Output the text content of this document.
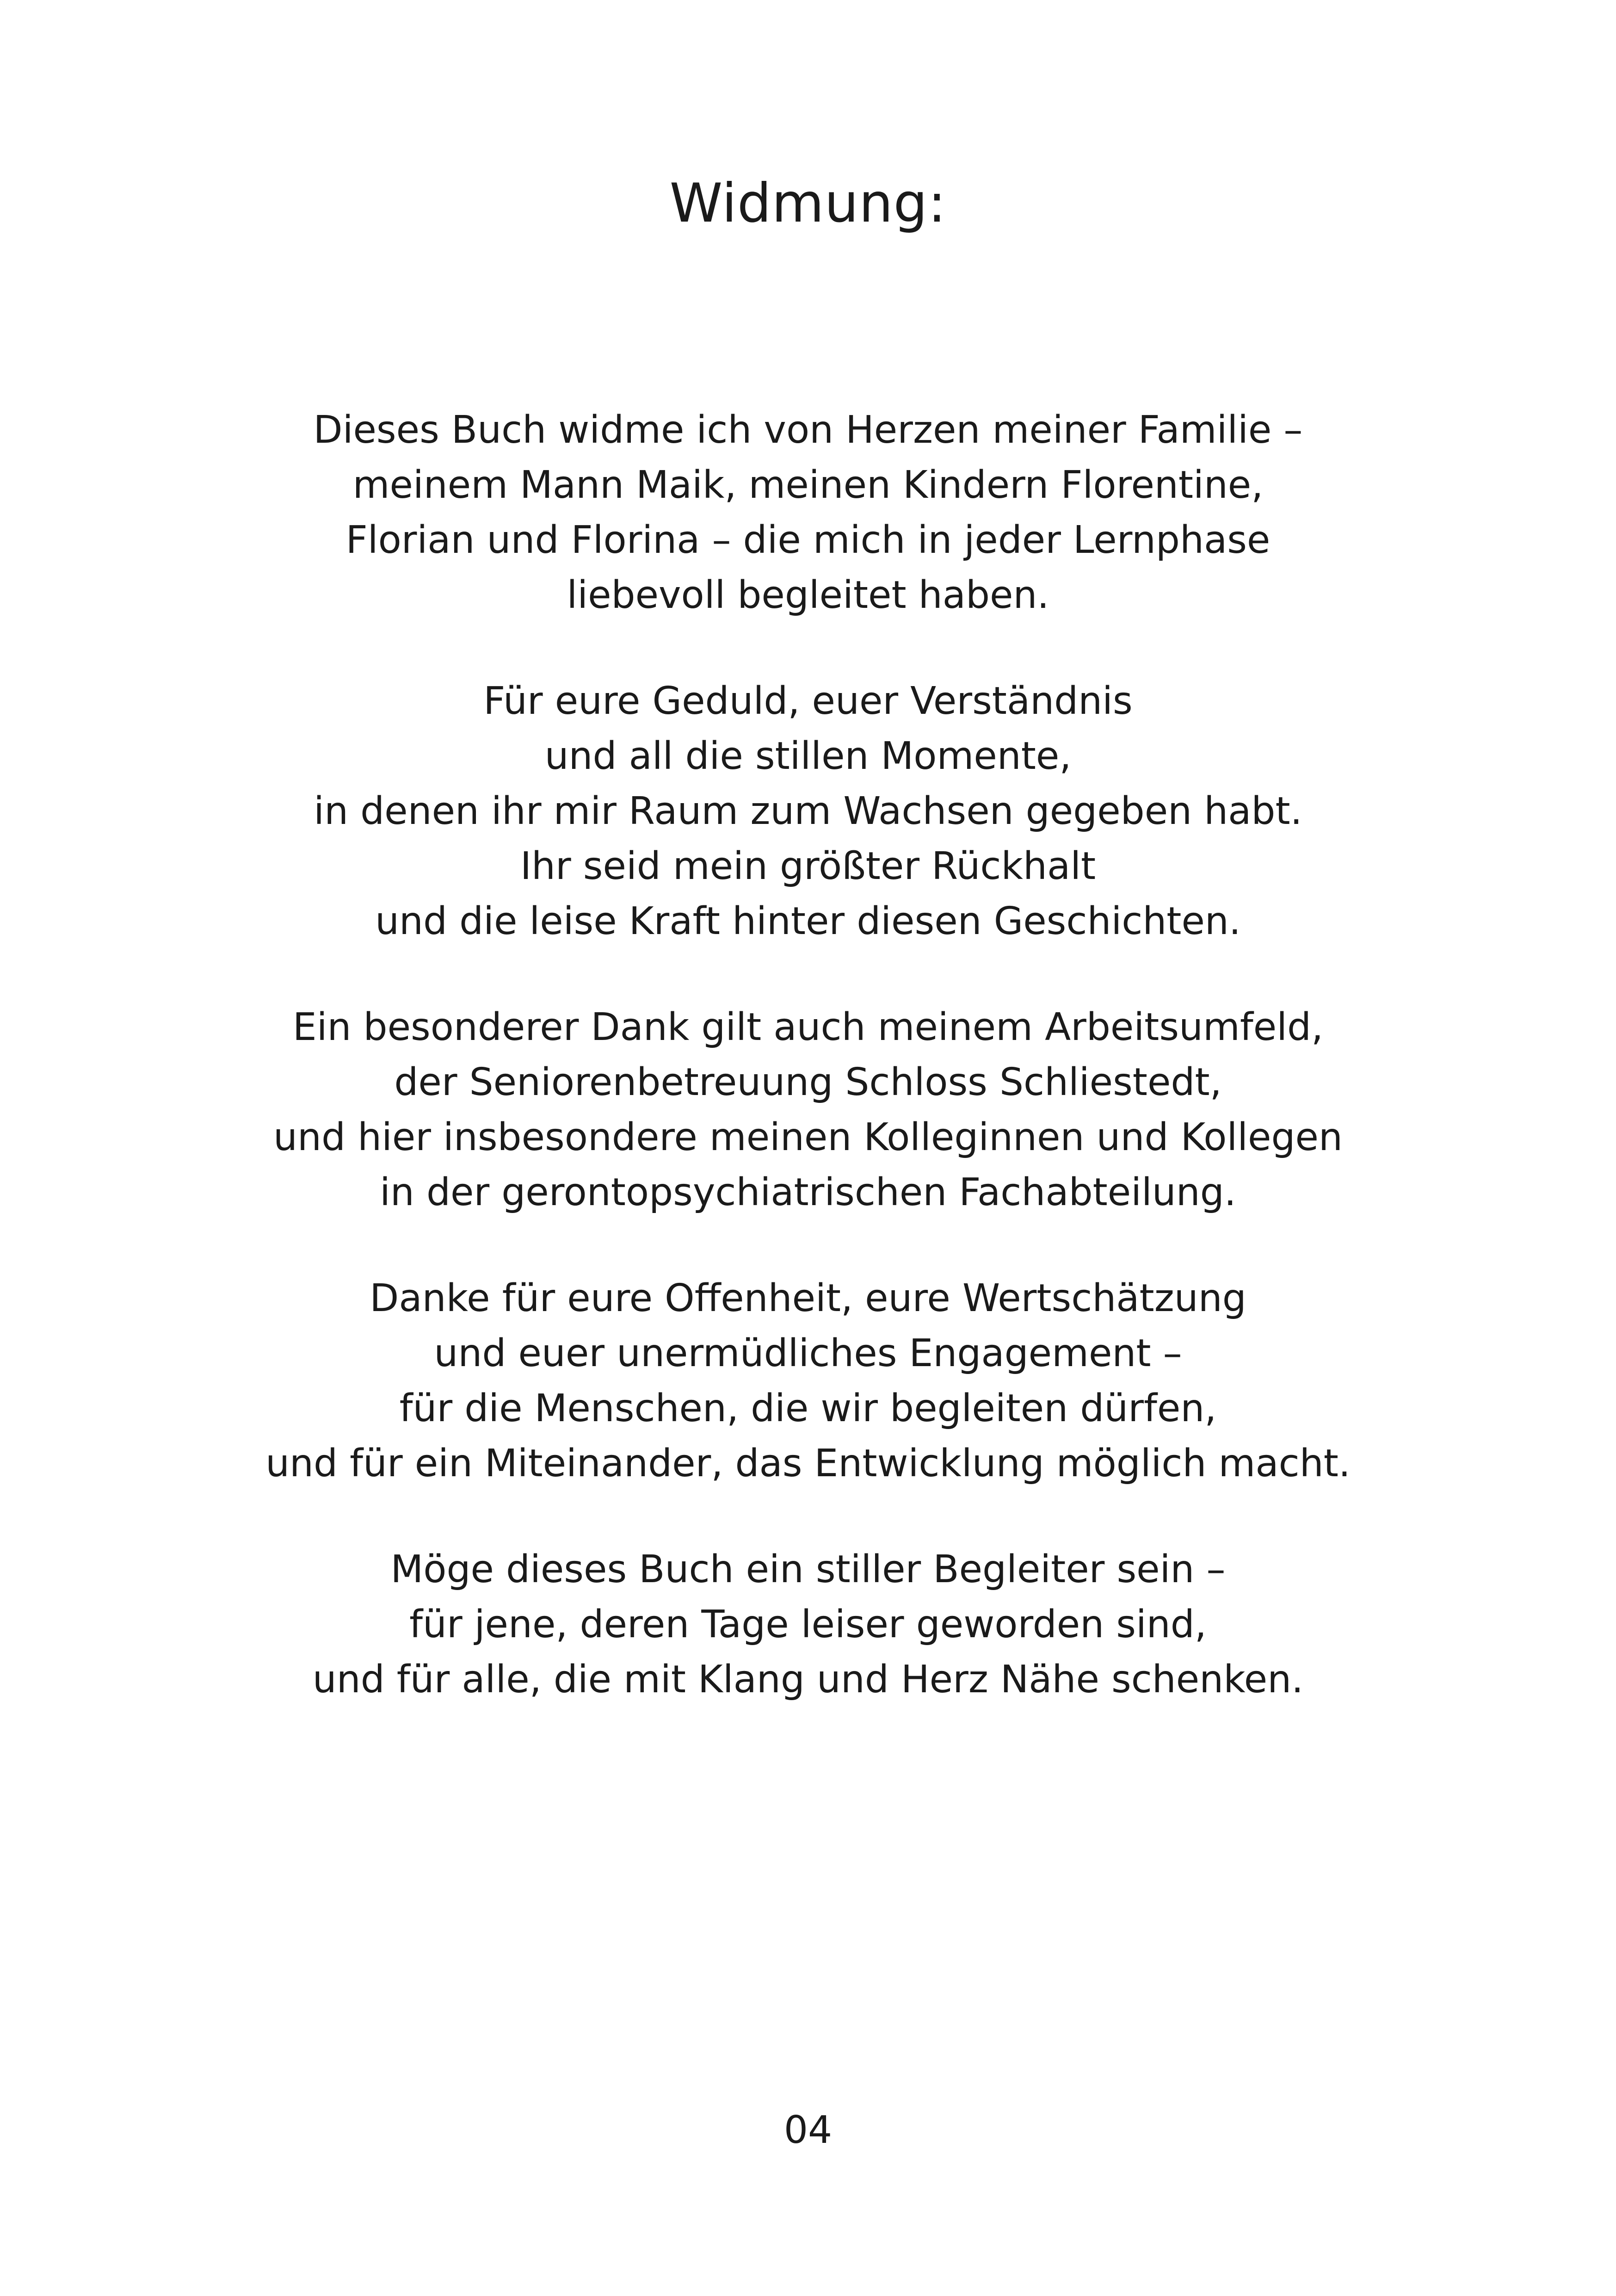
Widmung:
Dieses Buch widme ich von Herzen meiner Familie –
meinem Mann Maik, meinen Kindern Florentine,
Florian und Florina – die mich in jeder Lernphase
liebevoll begleitet haben.
Für eure Geduld, euer Verständnis
und all die stillen Momente,
in denen ihr mir Raum zum Wachsen gegeben habt.
Ihr seid mein größter Rückhalt
und die leise Kraft hinter diesen Geschichten.
Ein besonderer Dank gilt auch meinem Arbeitsumfeld,
der Seniorenbetreuung Schloss Schliestedt,
und hier insbesondere meinen Kolleginnen und Kollegen
in der gerontopsychiatrischen Fachabteilung.
Danke für eure Offenheit, eure Wertschätzung
und euer unermüdliches Engagement –
für die Menschen, die wir begleiten dürfen,
und für ein Miteinander, das Entwicklung möglich macht.
Möge dieses Buch ein stiller Begleiter sein –
für jene, deren Tage leiser geworden sind,
und für alle, die mit Klang und Herz Nähe schenken.
04
